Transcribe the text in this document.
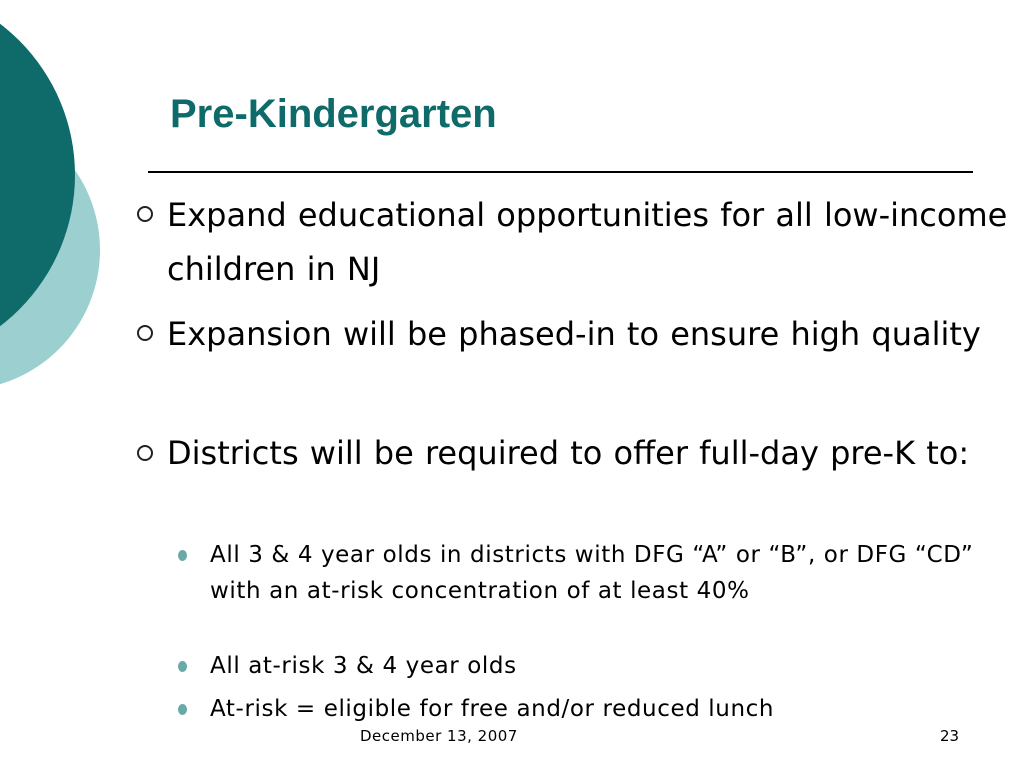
Pre-Kindergarten

Expand educational opportunities for all low-income children in NJ

Expansion will be phased-in to ensure high quality

Districts will be required to offer full-day pre-K to:

All 3 & 4 year olds in districts with DFG “A” or “B”, or DFG “CD” with an at-risk concentration of at least 40%

All at-risk 3 & 4 year olds

At-risk = eligible for free and/or reduced lunch

December 13, 2007	23
